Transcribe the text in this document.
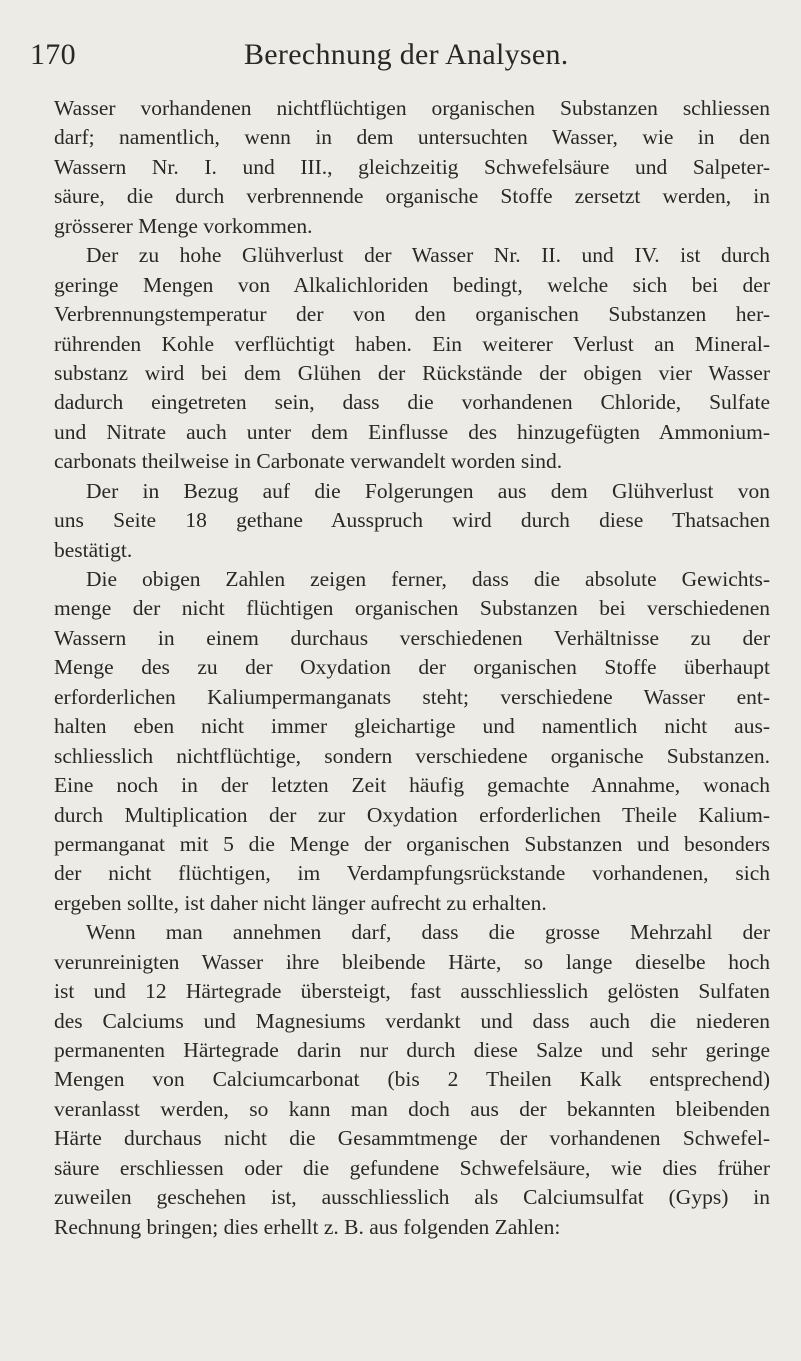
170	Berechnung der Analysen.
Wasser vorhandenen nichtflüchtigen organischen Substanzen schliessen
darf; namentlich, wenn in dem untersuchten Wasser, wie in den
Wassern Nr. I. und III., gleichzeitig Schwefelsäure und Salpeter-
säure, die durch verbrennende organische Stoffe zersetzt werden, in
grösserer Menge vorkommen.
Der zu hohe Glühverlust der Wasser Nr. II. und IV. ist durch
geringe Mengen von Alkalichloriden bedingt, welche sich bei der
Verbrennungstemperatur der von den organischen Substanzen her-
rührenden Kohle verflüchtigt haben. Ein weiterer Verlust an Mineral-
substanz wird bei dem Glühen der Rückstände der obigen vier Wasser
dadurch eingetreten sein, dass die vorhandenen Chloride, Sulfate
und Nitrate auch unter dem Einflusse des hinzugefügten Ammonium-
carbonats theilweise in Carbonate verwandelt worden sind.
Der in Bezug auf die Folgerungen aus dem Glühverlust von
uns Seite 18 gethane Ausspruch wird durch diese Thatsachen
bestätigt.
Die obigen Zahlen zeigen ferner, dass die absolute Gewichts-
menge der nicht flüchtigen organischen Substanzen bei verschiedenen
Wassern in einem durchaus verschiedenen Verhältnisse zu der
Menge des zu der Oxydation der organischen Stoffe überhaupt
erforderlichen Kaliumpermanganats steht; verschiedene Wasser ent-
halten eben nicht immer gleichartige und namentlich nicht aus-
schliesslich nichtflüchtige, sondern verschiedene organische Substanzen.
Eine noch in der letzten Zeit häufig gemachte Annahme, wonach
durch Multiplication der zur Oxydation erforderlichen Theile Kalium-
permanganat mit 5 die Menge der organischen Substanzen und besonders
der nicht flüchtigen, im Verdampfungsrückstande vorhandenen, sich
ergeben sollte, ist daher nicht länger aufrecht zu erhalten.
Wenn man annehmen darf, dass die grosse Mehrzahl der
verunreinigten Wasser ihre bleibende Härte, so lange dieselbe hoch
ist und 12 Härtegrade übersteigt, fast ausschliesslich gelösten Sulfaten
des Calciums und Magnesiums verdankt und dass auch die niederen
permanenten Härtegrade darin nur durch diese Salze und sehr geringe
Mengen von Calciumcarbonat (bis 2 Theilen Kalk entsprechend)
veranlasst werden, so kann man doch aus der bekannten bleibenden
Härte durchaus nicht die Gesammtmenge der vorhandenen Schwefel-
säure erschliessen oder die gefundene Schwefelsäure, wie dies früher
zuweilen geschehen ist, ausschliesslich als Calciumsulfat (Gyps) in
Rechnung bringen; dies erhellt z. B. aus folgenden Zahlen:
